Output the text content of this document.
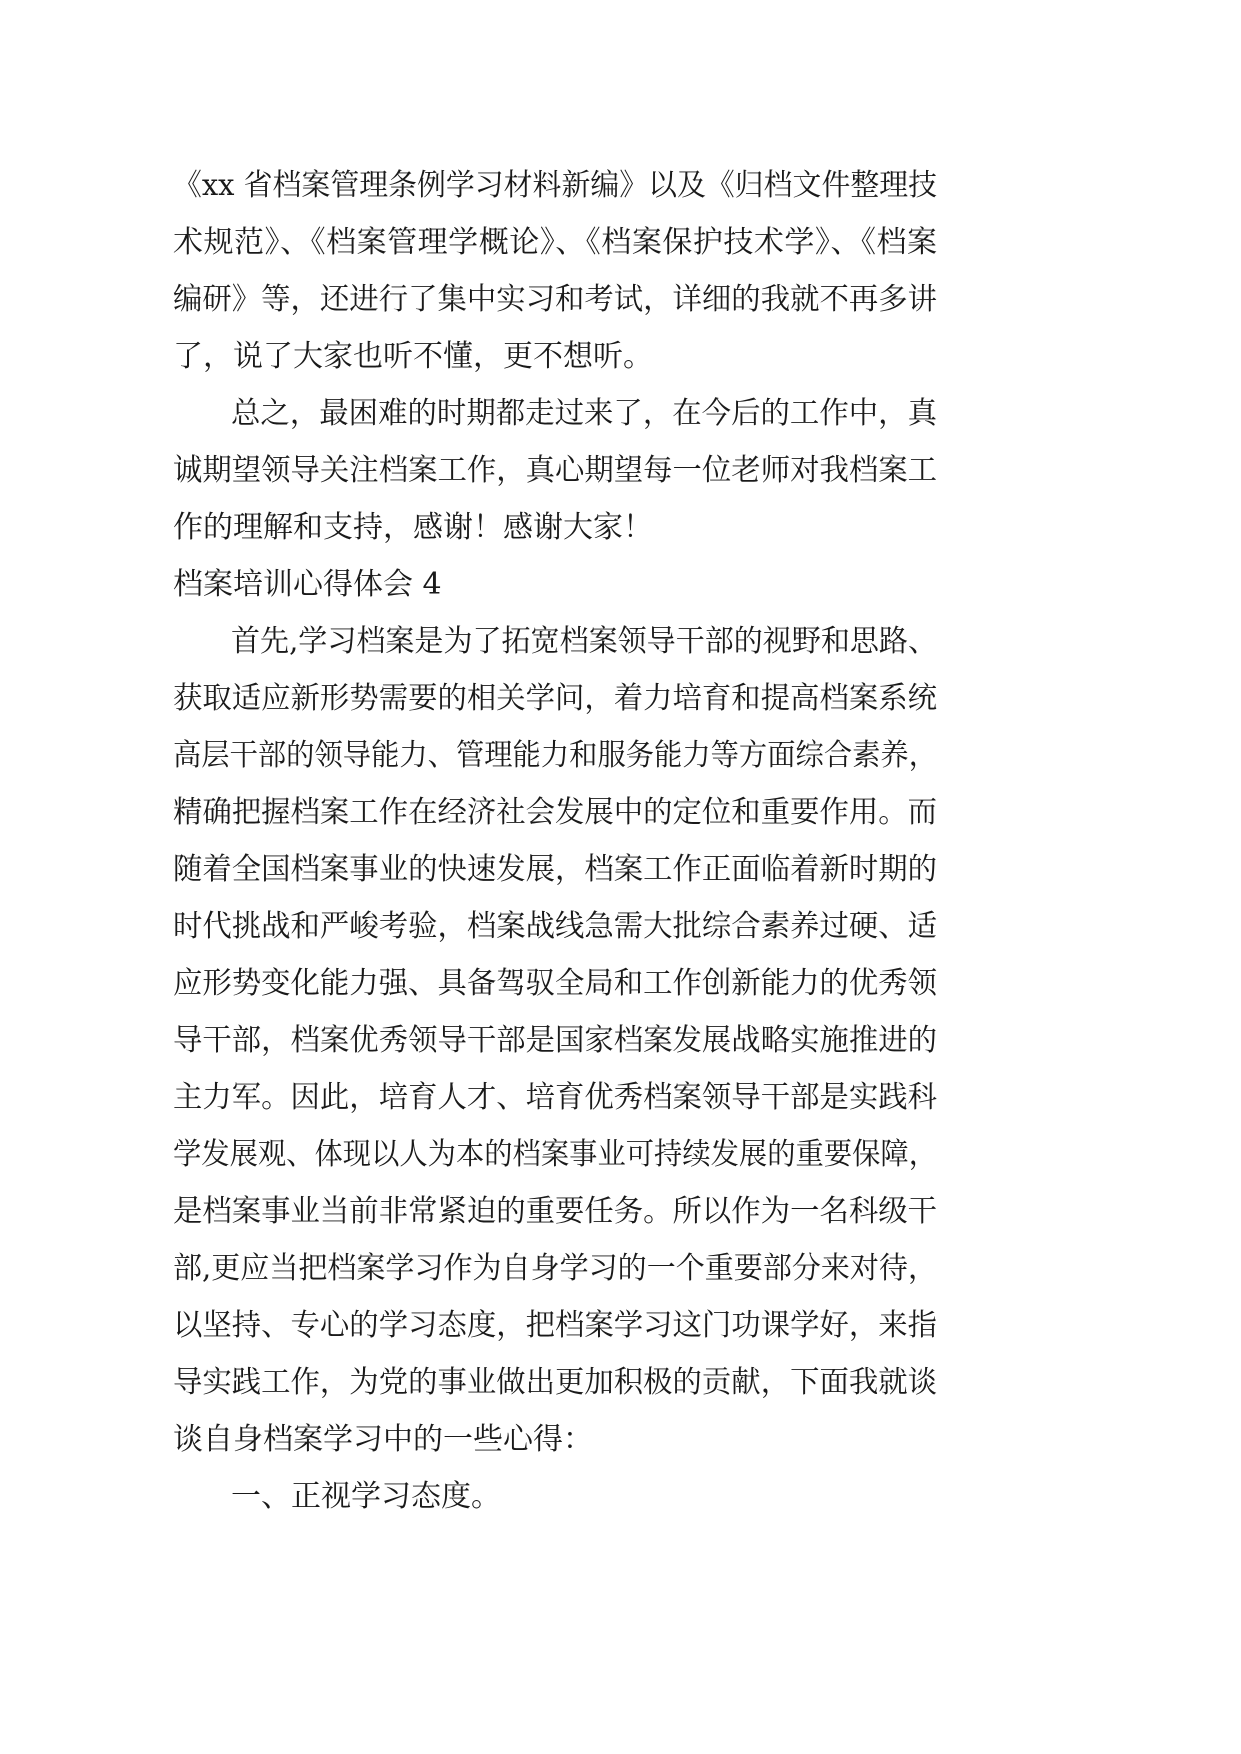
《xx 省档案管理条例学习材料新编》以及《归档文件整理技
术规范》、《档案管理学概论》、《档案保护技术学》、《档案
编研》等，还进行了集中实习和考试，详细的我就不再多讲
了，说了大家也听不懂，更不想听。
总之，最困难的时期都走过来了，在今后的工作中，真
诚期望领导关注档案工作，真心期望每一位老师对我档案工
作的理解和支持，感谢！感谢大家！
档案培训心得体会 4
首先,学习档案是为了拓宽档案领导干部的视野和思路、
获取适应新形势需要的相关学问，着力培育和提高档案系统
高层干部的领导能力、管理能力和服务能力等方面综合素养，
精确把握档案工作在经济社会发展中的定位和重要作用。而
随着全国档案事业的快速发展，档案工作正面临着新时期的
时代挑战和严峻考验，档案战线急需大批综合素养过硬、适
应形势变化能力强、具备驾驭全局和工作创新能力的优秀领
导干部，档案优秀领导干部是国家档案发展战略实施推进的
主力军。因此，培育人才、培育优秀档案领导干部是实践科
学发展观、体现以人为本的档案事业可持续发展的重要保障，
是档案事业当前非常紧迫的重要任务。所以作为一名科级干
部,更应当把档案学习作为自身学习的一个重要部分来对待，
以坚持、专心的学习态度，把档案学习这门功课学好，来指
导实践工作，为党的事业做出更加积极的贡献，下面我就谈
谈自身档案学习中的一些心得：
一、正视学习态度。
